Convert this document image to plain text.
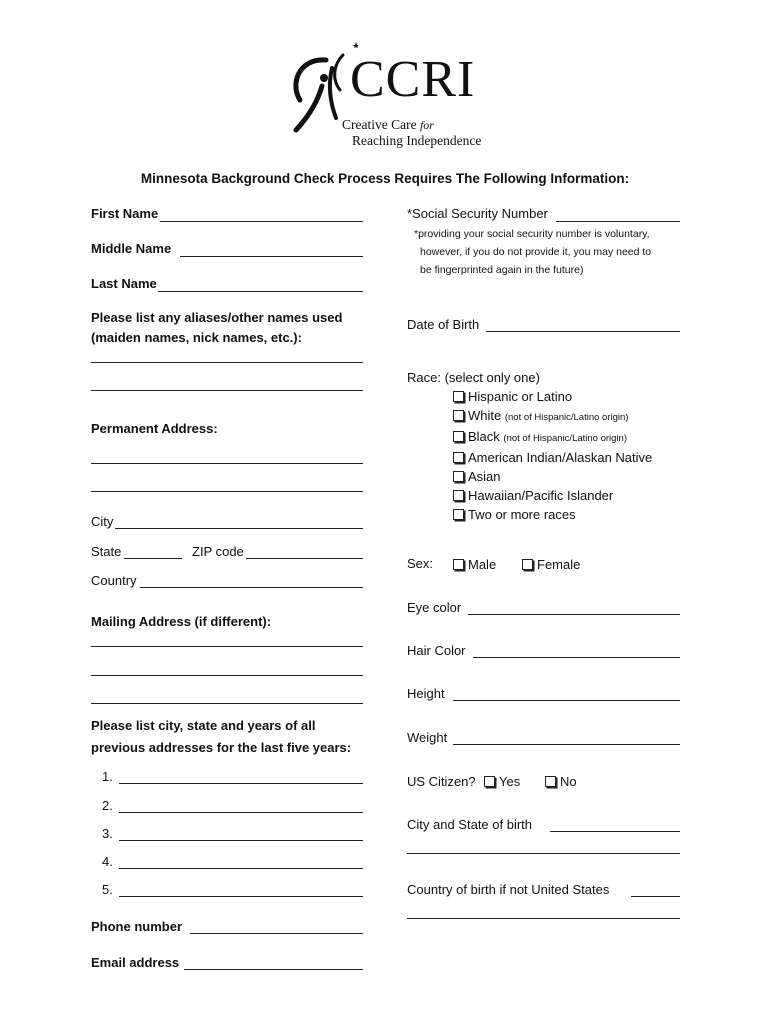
CCRI
Creative Care for
Reaching Independence
Minnesota Background Check Process Requires The Following Information:
First Name
Middle Name
Last Name
Please list any aliases/other names used
(maiden names, nick names, etc.):
Permanent Address:
City
State	ZIP code
Country
Mailing Address (if different):
Please list city, state and years of all
previous addresses for the last five years:
1.
2.
3.
4.
5.
Phone number
Email address
*Social Security Number
*providing your social security number is voluntary,
however, if you do not provide it, you may need to
be fingerprinted again in the future)
Date of Birth
Race: (select only one)
Hispanic or Latino
White (not of Hispanic/Latino origin)
Black (not of Hispanic/Latino origin)
American Indian/Alaskan Native
Asian
Hawaiian/Pacific Islander
Two or more races
Sex:	Male	Female
Eye color
Hair Color
Height
Weight
US Citizen?	Yes	No
City and State of birth
Country of birth if not United States
